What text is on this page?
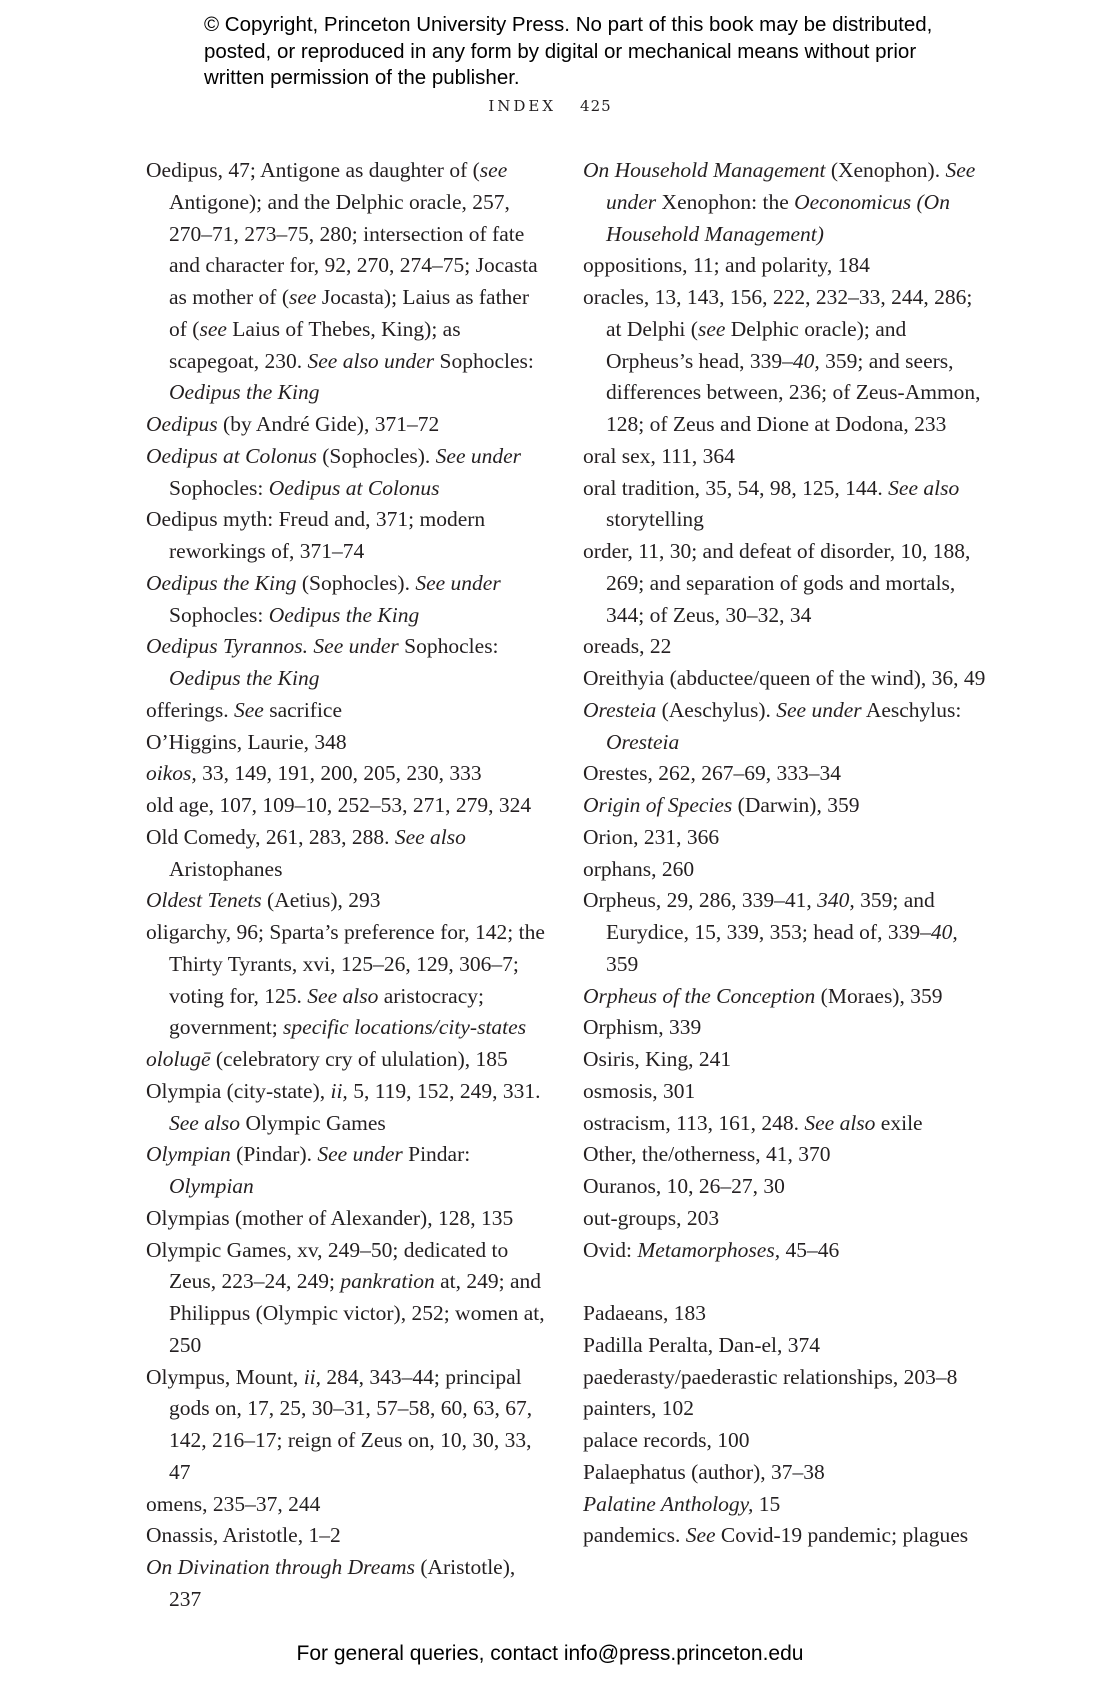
© Copyright, Princeton University Press. No part of this book may be distributed, posted, or reproduced in any form by digital or mechanical means without prior written permission of the publisher.
INDEX 425

Oedipus, 47; Antigone as daughter of (see Antigone); and the Delphic oracle, 257, 270–71, 273–75, 280; intersection of fate and character for, 92, 270, 274–75; Jocasta as mother of (see Jocasta); Laius as father of (see Laius of Thebes, King); as scapegoat, 230. See also under Sophocles: Oedipus the King

Oedipus (by André Gide), 371–72

Oedipus at Colonus (Sophocles). See under Sophocles: Oedipus at Colonus

Oedipus myth: Freud and, 371; modern reworkings of, 371–74

Oedipus the King (Sophocles). See under Sophocles: Oedipus the King

Oedipus Tyrannos. See under Sophocles: Oedipus the King

offerings. See sacrifice

O’Higgins, Laurie, 348

oikos, 33, 149, 191, 200, 205, 230, 333

old age, 107, 109–10, 252–53, 271, 279, 324

Old Comedy, 261, 283, 288. See also Aristophanes

Oldest Tenets (Aetius), 293

oligarchy, 96; Sparta’s preference for, 142; the Thirty Tyrants, xvi, 125–26, 129, 306–7; voting for, 125. See also aristocracy; government; specific locations/city-states

ololugē (celebratory cry of ululation), 185

Olympia (city-state), ii, 5, 119, 152, 249, 331. See also Olympic Games

Olympian (Pindar). See under Pindar: Olympian

Olympias (mother of Alexander), 128, 135

Olympic Games, xv, 249–50; dedicated to Zeus, 223–24, 249; pankration at, 249; and Philippus (Olympic victor), 252; women at, 250

Olympus, Mount, ii, 284, 343–44; principal gods on, 17, 25, 30–31, 57–58, 60, 63, 67, 142, 216–17; reign of Zeus on, 10, 30, 33, 47

omens, 235–37, 244

Onassis, Aristotle, 1–2

On Divination through Dreams (Aristotle), 237

On Household Management (Xenophon). See under Xenophon: the Oeconomicus (On Household Management)

oppositions, 11; and polarity, 184

oracles, 13, 143, 156, 222, 232–33, 244, 286; at Delphi (see Delphic oracle); and Orpheus’s head, 339–40, 359; and seers, differences between, 236; of Zeus-Ammon, 128; of Zeus and Dione at Dodona, 233

oral sex, 111, 364

oral tradition, 35, 54, 98, 125, 144. See also storytelling

order, 11, 30; and defeat of disorder, 10, 188, 269; and separation of gods and mortals, 344; of Zeus, 30–32, 34

oreads, 22

Oreithyia (abductee/queen of the wind), 36, 49

Oresteia (Aeschylus). See under Aeschylus: Oresteia

Orestes, 262, 267–69, 333–34

Origin of Species (Darwin), 359

Orion, 231, 366

orphans, 260

Orpheus, 29, 286, 339–41, 340, 359; and Eurydice, 15, 339, 353; head of, 339–40, 359

Orpheus of the Conception (Moraes), 359

Orphism, 339

Osiris, King, 241

osmosis, 301

ostracism, 113, 161, 248. See also exile

Other, the/otherness, 41, 370

Ouranos, 10, 26–27, 30

out-groups, 203

Ovid: Metamorphoses, 45–46

Padaeans, 183

Padilla Peralta, Dan-el, 374

paederasty/paederastic relationships, 203–8

painters, 102

palace records, 100

Palaephatus (author), 37–38

Palatine Anthology, 15

pandemics. See Covid-19 pandemic; plagues

For general queries, contact info@press.princeton.edu
